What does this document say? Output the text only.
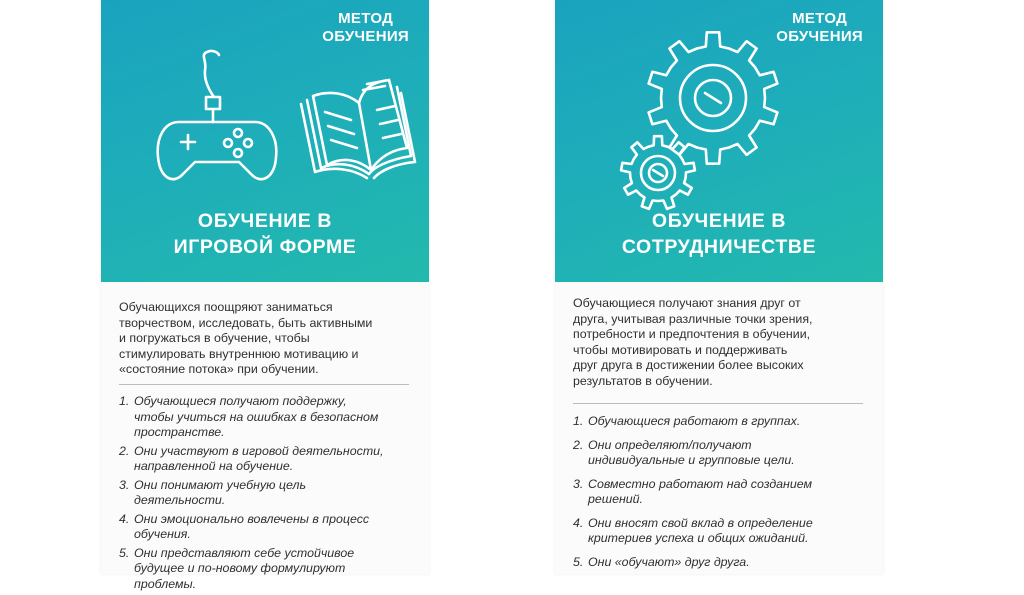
МЕТОД
ОБУЧЕНИЯ
ОБУЧЕНИЕ В
ИГРОВОЙ ФОРМЕ
Обучающихся поощряют заниматься
творчеством, исследовать, быть активными
и погружаться в обучение, чтобы
стимулировать внутреннюю мотивацию и
«состояние потока» при обучении.
1. Обучающиеся получают поддержку,
чтобы учиться на ошибках в безопасном
пространстве.
2. Они участвуют в игровой деятельности,
направленной на обучение.
3. Они понимают учебную цель
деятельности.
4. Они эмоционально вовлечены в процесс
обучения.
5. Они представляют себе устойчивое
будущее и по-новому формулируют
проблемы.
МЕТОД
ОБУЧЕНИЯ
ОБУЧЕНИЕ В
СОТРУДНИЧЕСТВЕ
Обучающиеся получают знания друг от
друга, учитывая различные точки зрения,
потребности и предпочтения в обучении,
чтобы мотивировать и поддерживать
друг друга в достижении более высоких
результатов в обучении.
1. Обучающиеся работают в группах.
2. Они определяют/получают
индивидуальные и групповые цели.
3. Совместно работают над созданием
решений.
4. Они вносят свой вклад в определение
критериев успеха и общих ожиданий.
5. Они «обучают» друг друга.
